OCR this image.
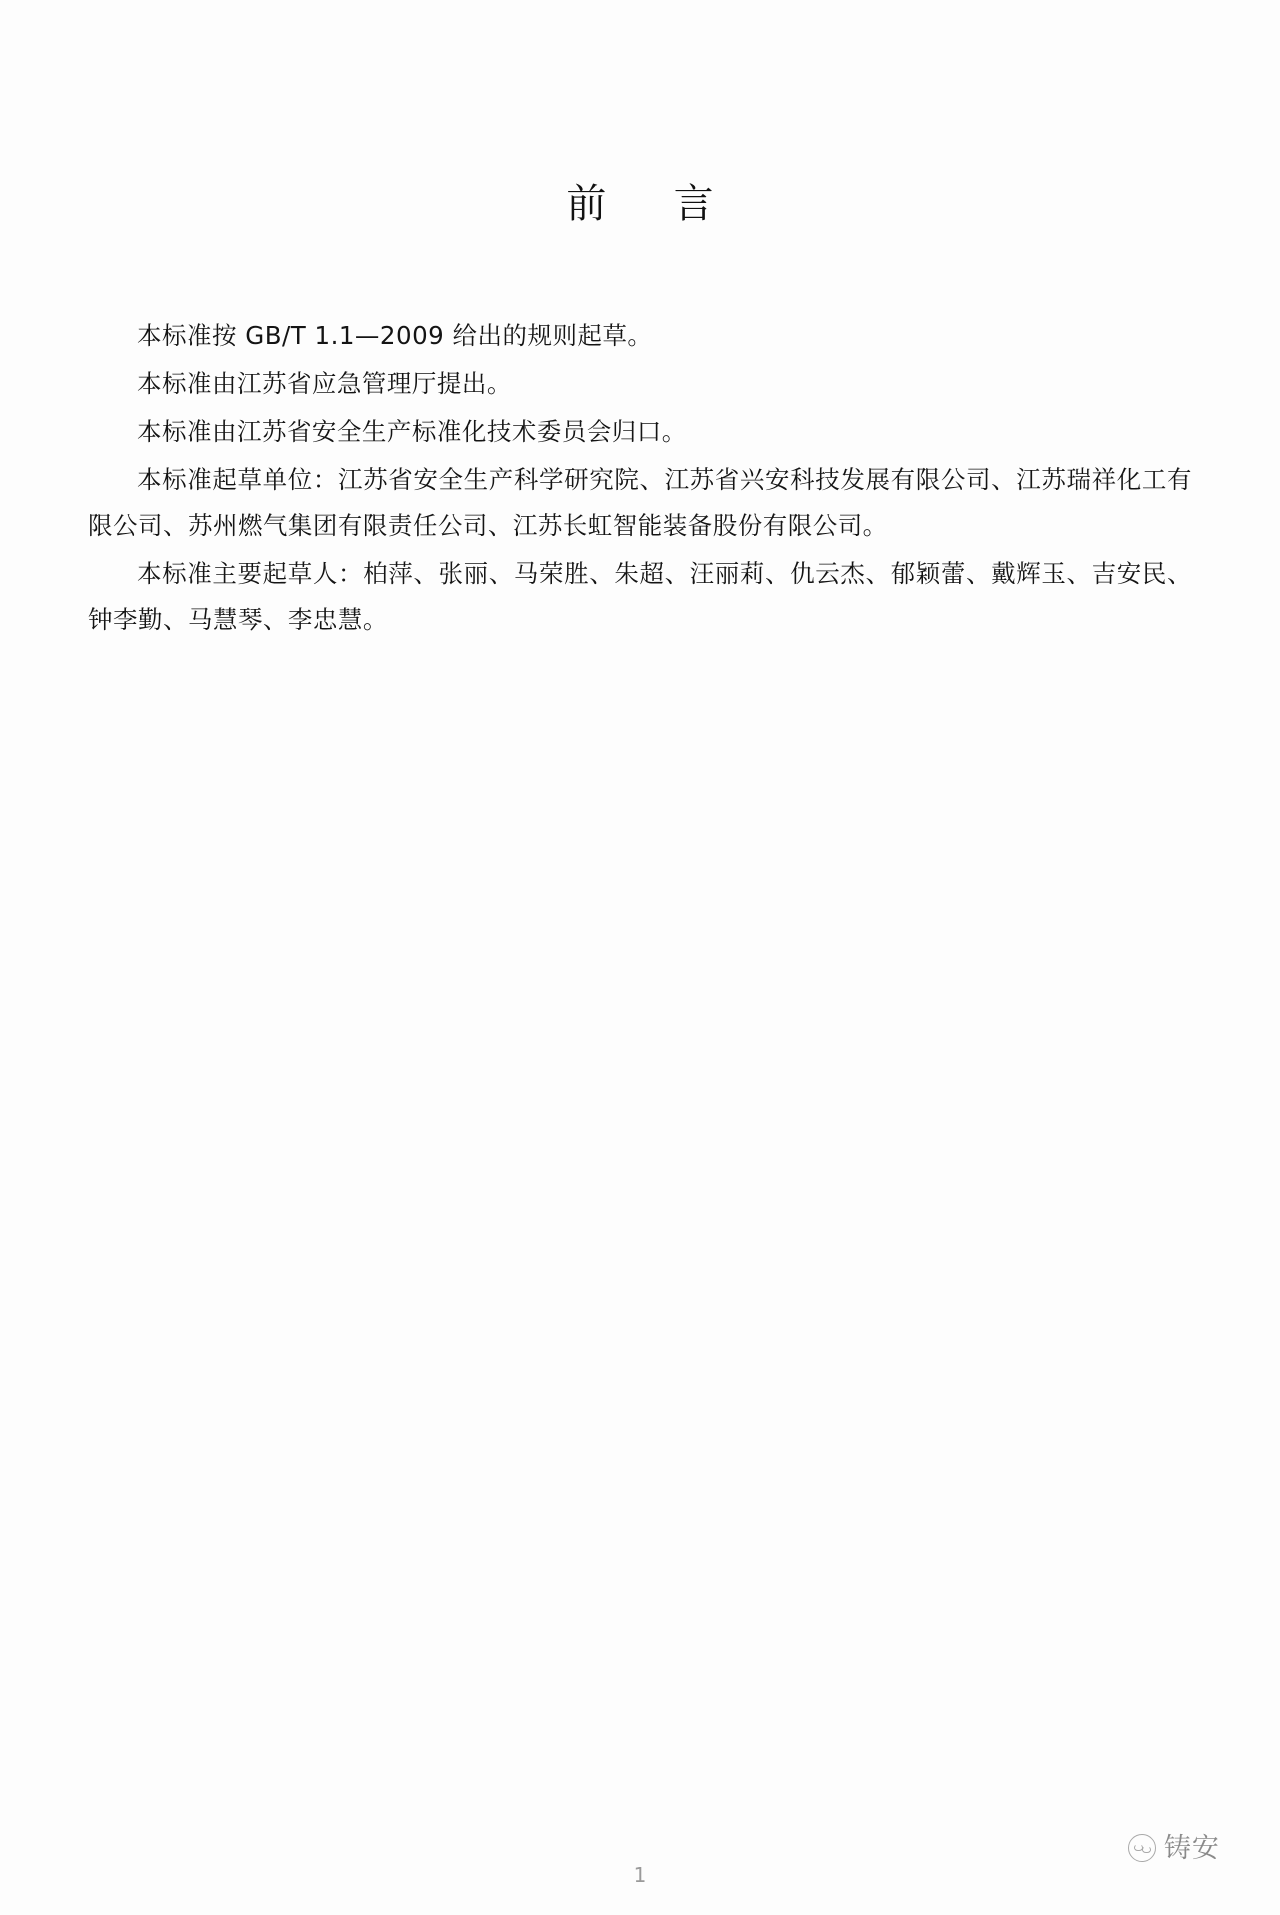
前　言

本标准按 GB/T 1.1—2009 给出的规则起草。

本标准由江苏省应急管理厅提出。

本标准由江苏省安全生产标准化技术委员会归口。

本标准起草单位：江苏省安全生产科学研究院、江苏省兴安科技发展有限公司、江苏瑞祥化工有限公司、苏州燃气集团有限责任公司、江苏长虹智能装备股份有限公司。

本标准主要起草人：柏萍、张丽、马荣胜、朱超、汪丽莉、仇云杰、郁颖蕾、戴辉玉、吉安民、钟李勤、马慧琴、李忠慧。

铸安
1
